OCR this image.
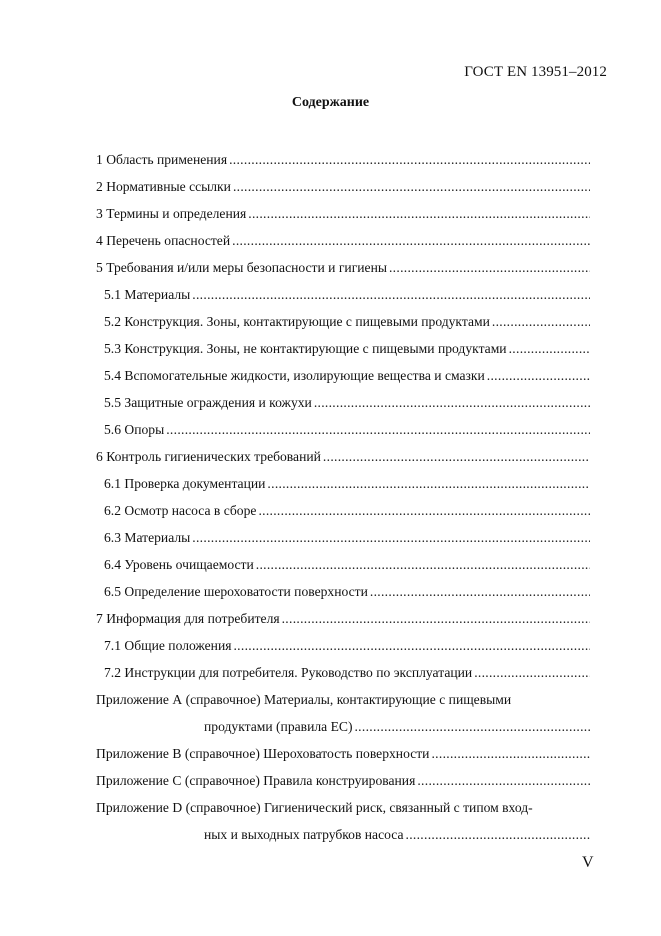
ГОСТ EN 13951–2012
Содержание
1 Область применения
.....
2 Нормативные ссылки
.....
3 Термины и определения
.....
4 Перечень опасностей
.....
5 Требования и/или меры безопасности и гигиены
.....
5.1 Материалы
.....
5.2 Конструкция. Зоны, контактирующие с пищевыми продуктами
.....
5.3 Конструкция. Зоны, не контактирующие с пищевыми продуктами
.....
5.4 Вспомогательные жидкости, изолирующие вещества и смазки
.....
5.5 Защитные ограждения и кожухи
.....
5.6 Опоры
.....
6 Контроль гигиенических требований
.....
6.1 Проверка документации
.....
6.2 Осмотр насоса в сборе
.....
6.3 Материалы
.....
6.4 Уровень очищаемости
.....
6.5 Определение шероховатости поверхности
.....
7 Информация для потребителя
.....
7.1 Общие положения
.....
7.2 Инструкции для потребителя. Руководство по эксплуатации
.....
Приложение А (справочное) Материалы, контактирующие с пищевыми
продуктами (правила ЕС)
.....
Приложение В (справочное) Шероховатость поверхности
.....
Приложение С (справочное) Правила конструирования
.....
Приложение D (справочное) Гигиенический риск, связанный с типом вход-
ных и выходных патрубков насоса
.....
V
